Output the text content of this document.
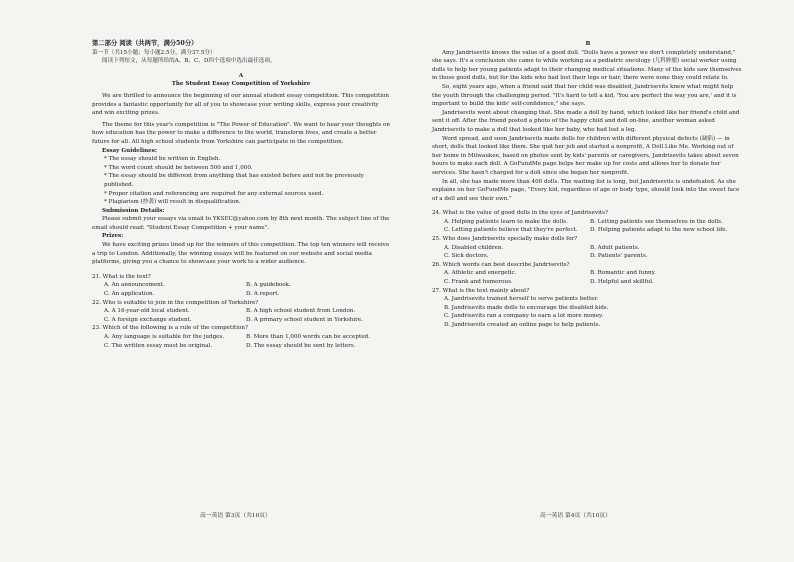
第二部分 阅读（共两节，满分50分）
第一节（共15小题；每小题2.5分，满分37.5分）
阅读下列短文，从每题所给的A、B、C、D四个选项中选出最佳选项。
A
The Student Essay Competition of Yorkshire

We are thrilled to announce the beginning of our annual student essay competition. This competition provides a fantastic opportunity for all of you to showcase your writing skills, express your creativity and win exciting prizes.

The theme for this year's competition is "The Power of Education". We want to hear your thoughts on how education has the power to make a difference to the world, transform lives, and create a better future for all. All high school students from Yorkshire can participate in the competition.

Essay Guidelines:
* The essay should be written in English.
* The word count should be between 500 and 1,000.
* The essay should be different from anything that has existed before and not be previously published.
* Proper citation and referencing are required for any external sources used.
* Plagiarism (抄袭) will result in disqualification.
Submission Details:

Please submit your essays via email to YKSEC@yahoo.com by 8th next month. The subject line of the email should read: "Student Essay Competition + your name".

Prizes:

We have exciting prizes lined up for the winners of this competition. The top ten winners will receive a trip to London. Additionally, the winning essays will be featured on our website and social media platforms, giving you a chance to showcase your work to a wider audience.

21. What is the text?
A. An announcement.	B. A guidebook.
C. An application.	D. A report.
22. Who is suitable to join in the competition of Yorkshire?
A. A 16-year-old local student.	B. A high school student from London.
C. A foreign exchange student.	D. A primary school student in Yorkshire.
23. Which of the following is a rule of the competition?
A. Any language is suitable for the judges.	B. More than 1,000 words can be accepted.
C. The written essay must be original.	D. The essay should be sent by letters.
B

Amy Jandrisevits knows the value of a good doll. "Dolls have a power we don't completely understand," she says. It's a conclusion she came to while working as a pediatric oncology (儿科肿瘤) social worker using dolls to help her young patients adapt to their changing medical situations. Many of the kids saw themselves in those good dolls, but for the kids who had lost their legs or hair, there were none they could relate to.

So, eight years ago, when a friend said that her child was disabled, Jandrisevits knew what might help the youth through the challenging period. "It's hard to tell a kid, 'You are perfect the way you are,' and it is important to build the kids' self-confidence," she says.

Jandrisevits went about changing that. She made a doll by hand, which looked like her friend's child and sent it off. After the friend posted a photo of the happy child and doll on-line, another woman asked Jandrisevits to make a doll that looked like her baby, who had lost a leg.

Word spread, and soon Jandrisevits made dolls for children with different physical defects (缺陷) — in short, dolls that looked like them. She quit her job and started a nonprofit, A Doll Like Me. Working out of her home in Milwaukee, based on photos sent by kids' parents or caregivers, Jandrisevits takes about seven hours to make each doll. A GoFundMe page helps her make up for costs and allows her to donate her services. She hasn't charged for a doll since she began her nonprofit.

In all, she has made more than 400 dolls. The waiting list is long, but Jandrisevits is undefeated. As she explains on her GoFundMe page, "Every kid, regardless of age or body type, should look into the sweet face of a doll and see their own."

24. What is the value of good dolls in the eyes of Jandrisevits?
A. Helping patients learn to make the dolls.	B. Letting patients see themselves in the dolls.
C. Letting patients believe that they're perfect.	D. Helping patients adapt to the new school life.
25. Who does Jandrisevits specially make dolls for?
A. Disabled children.	B. Adult patients.
C. Sick doctors.	D. Patients' parents.
26. Which words can best describe Jandrisevits?
A. Athletic and energetic.	B. Romantic and funny.
C. Frank and humorous.	D. Helpful and skillful.
27. What is the text mainly about?
A. Jandrisevits trained herself to serve patients better.
B. Jandrisevits made dolls to encourage the disabled kids.
C. Jandrisevits ran a company to earn a lot more money.
D. Jandrisevits created an online page to help patients.
高一英语 第3页（共10页）	高一英语 第4页（共10页）
